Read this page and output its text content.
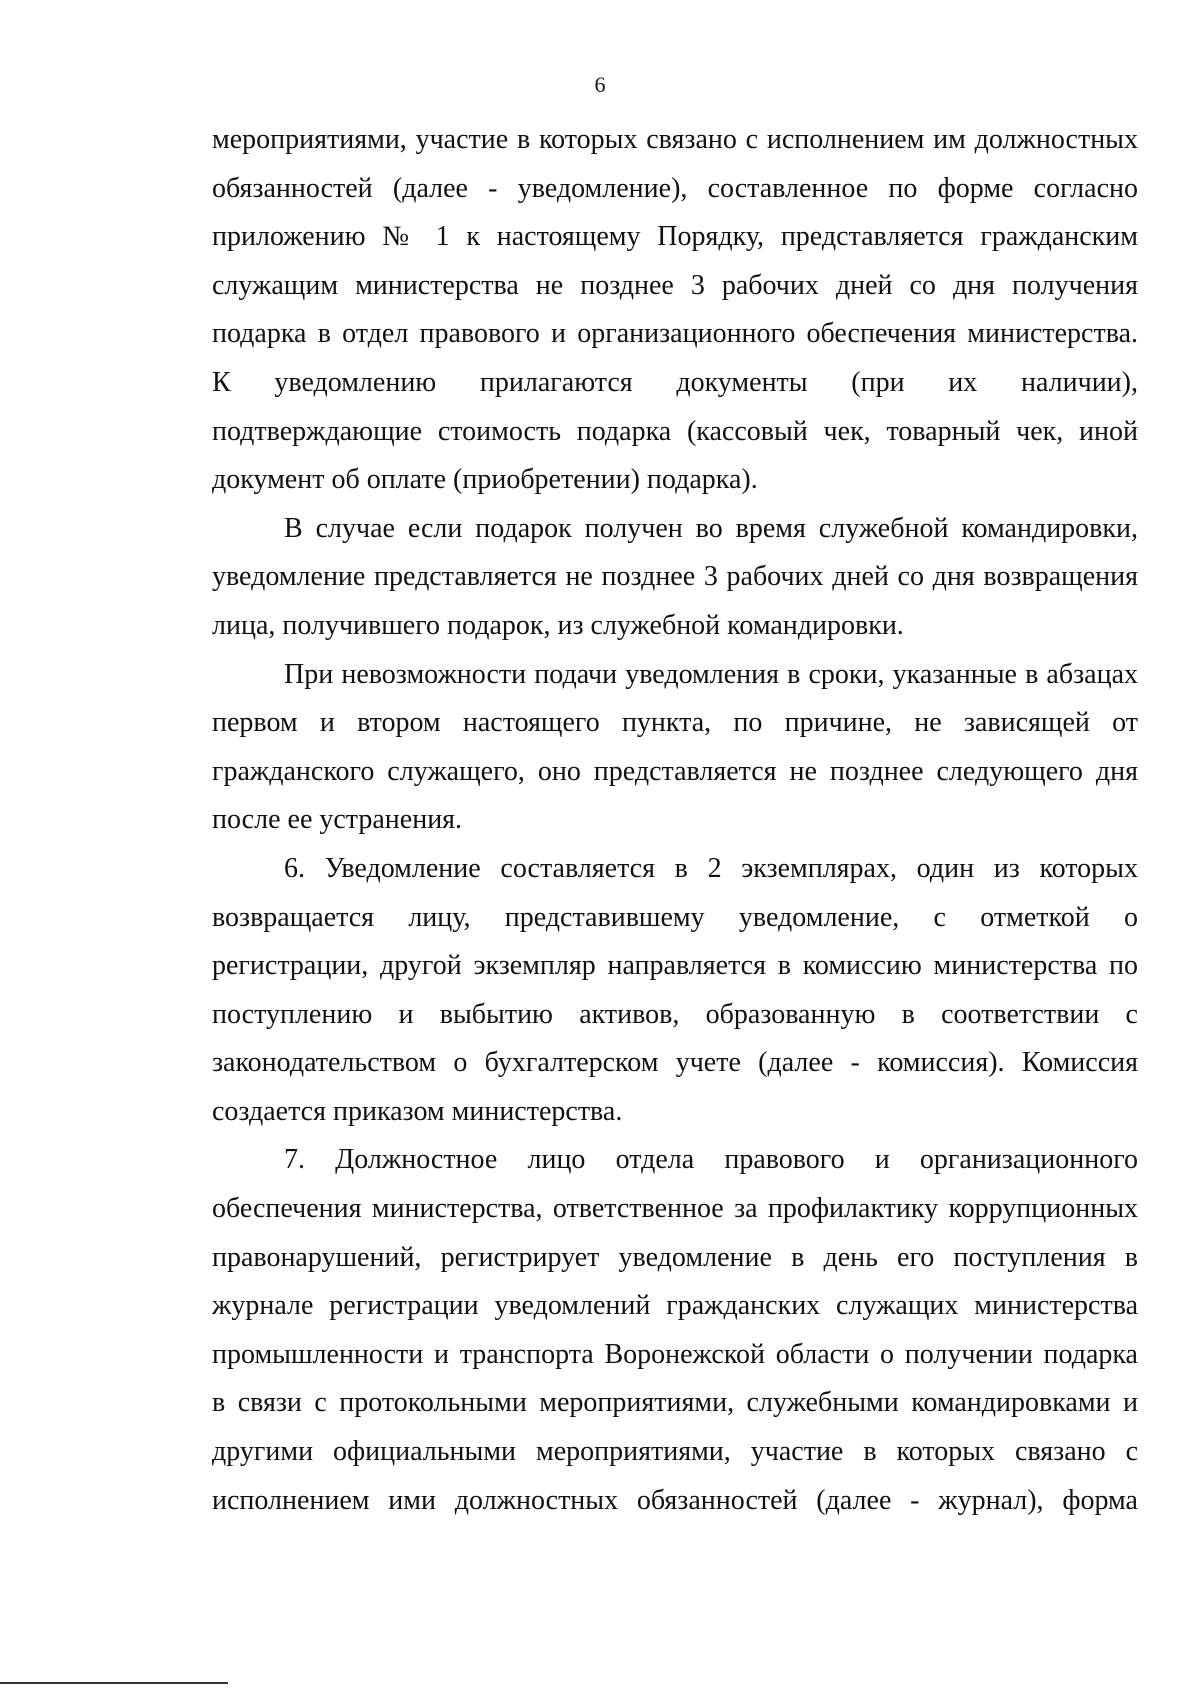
6
мероприятиями, участие в которых связано с исполнением им должностных
обязанностей (далее - уведомление), составленное по форме согласно
приложению № 1 к настоящему Порядку, представляется гражданским
служащим министерства не позднее 3 рабочих дней со дня получения
подарка в отдел правового и организационного обеспечения министерства.
К уведомлению прилагаются документы (при их наличии),
подтверждающие стоимость подарка (кассовый чек, товарный чек, иной
документ об оплате (приобретении) подарка).
В случае если подарок получен во время служебной командировки,
уведомление представляется не позднее 3 рабочих дней со дня возвращения
лица, получившего подарок, из служебной командировки.
При невозможности подачи уведомления в сроки, указанные в абзацах
первом и втором настоящего пункта, по причине, не зависящей от
гражданского служащего, оно представляется не позднее следующего дня
после ее устранения.
6. Уведомление составляется в 2 экземплярах, один из которых
возвращается лицу, представившему уведомление, с отметкой о
регистрации, другой экземпляр направляется в комиссию министерства по
поступлению и выбытию активов, образованную в соответствии с
законодательством о бухгалтерском учете (далее - комиссия). Комиссия
создается приказом министерства.
7. Должностное лицо отдела правового и организационного
обеспечения министерства, ответственное за профилактику коррупционных
правонарушений, регистрирует уведомление в день его поступления в
журнале регистрации уведомлений гражданских служащих министерства
промышленности и транспорта Воронежской области о получении подарка
в связи с протокольными мероприятиями, служебными командировками и
другими официальными мероприятиями, участие в которых связано с
исполнением ими должностных обязанностей (далее - журнал), форма
